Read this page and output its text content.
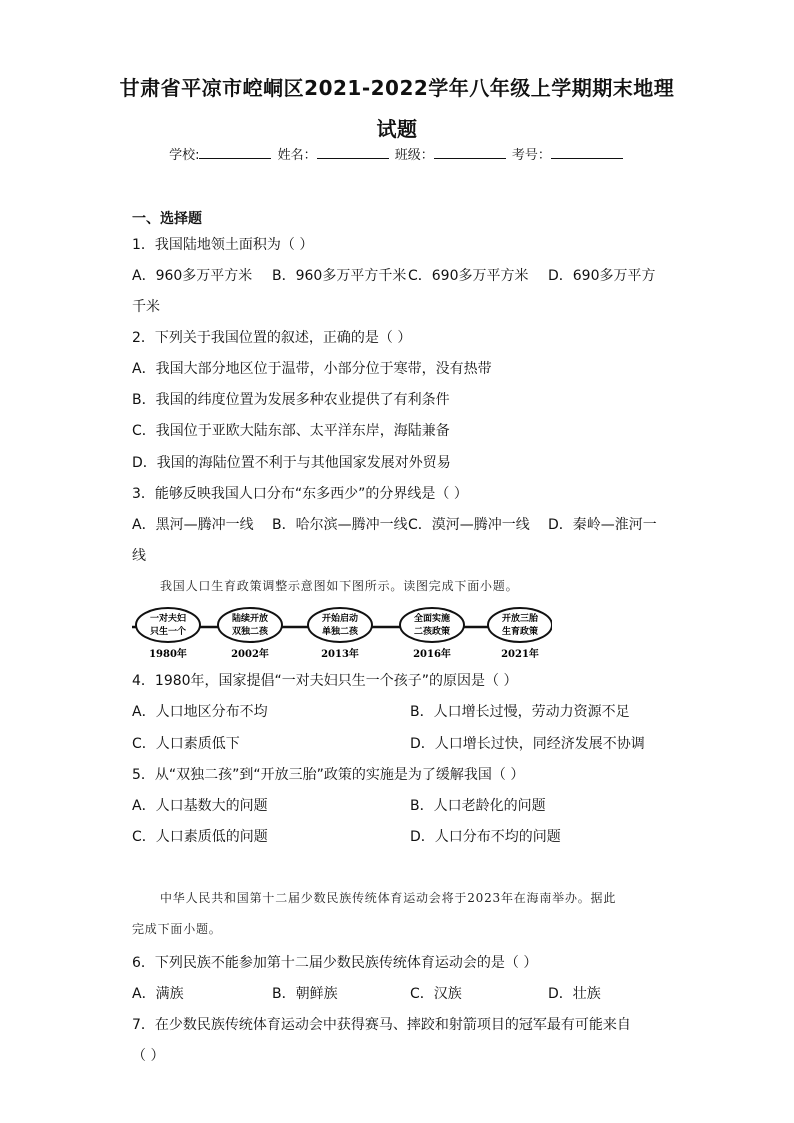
甘肃省平凉市崆峒区2021-2022学年八年级上学期期末地理
试题
学校:	姓名：	班级：	考号：
一、选择题
1．我国陆地领土面积为（ ）
A．960多万平方米 B．960多万平方千米 C．690多万平方米 D．690多万平方
千米
2．下列关于我国位置的叙述，正确的是（ ）
A．我国大部分地区位于温带，小部分位于寒带，没有热带
B．我国的纬度位置为发展多种农业提供了有利条件
C．我国位于亚欧大陆东部、太平洋东岸，海陆兼备
D．我国的海陆位置不利于与其他国家发展对外贸易
3．能够反映我国人口分布“东多西少”的分界线是（ ）
A．黑河—腾冲一线 B．哈尔滨—腾冲一线 C．漠河—腾冲一线 D．秦岭—淮河一
线
我国人口生育政策调整示意图如下图所示。读图完成下面小题。
一对夫妇
只生一个
1980年
陆续开放
双独二孩
2002年
开始启动
单独二孩
2013年
全面实施
二孩政策
2016年
开放三胎
生育政策
2021年
4．1980年，国家提倡“一对夫妇只生一个孩子”的原因是（ ）
A．人口地区分布不均	B．人口增长过慢，劳动力资源不足
C．人口素质低下	D．人口增长过快，同经济发展不协调
5．从“双独二孩”到“开放三胎”政策的实施是为了缓解我国（ ）
A．人口基数大的问题	B．人口老龄化的问题
C．人口素质低的问题	D．人口分布不均的问题
中华人民共和国第十二届少数民族传统体育运动会将于2023年在海南举办。据此
完成下面小题。
6．下列民族不能参加第十二届少数民族传统体育运动会的是（ ）
A．满族	B．朝鲜族	C．汉族	D．壮族
7．在少数民族传统体育运动会中获得赛马、摔跤和射箭项目的冠军最有可能来自
（ ）
